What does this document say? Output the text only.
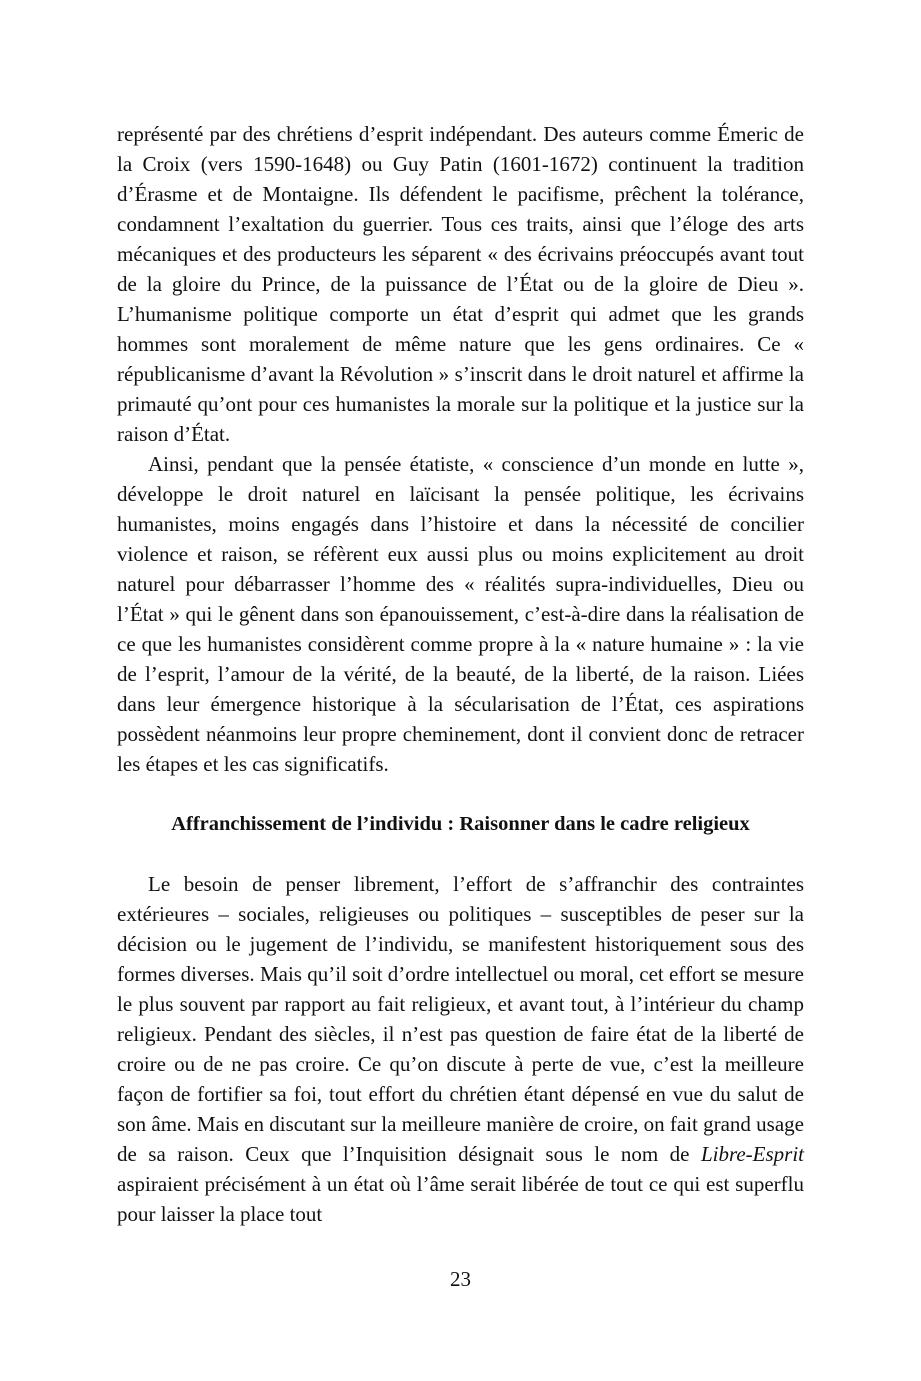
représenté par des chrétiens d’esprit indépendant. Des auteurs comme Émeric de la Croix (vers 1590-1648) ou Guy Patin (1601-1672) continuent la tradition d’Érasme et de Montaigne. Ils défendent le pacifisme, prêchent la tolérance, condamnent l’exaltation du guerrier. Tous ces traits, ainsi que l’éloge des arts mécaniques et des producteurs les séparent « des écrivains préoccupés avant tout de la gloire du Prince, de la puissance de l’État ou de la gloire de Dieu ». L’humanisme politique comporte un état d’esprit qui admet que les grands hommes sont moralement de même nature que les gens ordinaires. Ce « républicanisme d’avant la Révolution » s’inscrit dans le droit naturel et affirme la primauté qu’ont pour ces humanistes la morale sur la politique et la justice sur la raison d’État.

Ainsi, pendant que la pensée étatiste, « conscience d’un monde en lutte », développe le droit naturel en laïcisant la pensée politique, les écrivains humanistes, moins engagés dans l’histoire et dans la nécessité de concilier violence et raison, se réfèrent eux aussi plus ou moins explicitement au droit naturel pour débarrasser l’homme des « réalités supra-individuelles, Dieu ou l’État » qui le gênent dans son épanouissement, c’est-à-dire dans la réalisation de ce que les humanistes considèrent comme propre à la « nature humaine » : la vie de l’esprit, l’amour de la vérité, de la beauté, de la liberté, de la raison. Liées dans leur émergence historique à la sécularisation de l’État, ces aspirations possèdent néanmoins leur propre cheminement, dont il convient donc de retracer les étapes et les cas significatifs.

Affranchissement de l’individu : Raisonner dans le cadre religieux

Le besoin de penser librement, l’effort de s’affranchir des contraintes extérieures – sociales, religieuses ou politiques – susceptibles de peser sur la décision ou le jugement de l’individu, se manifestent historiquement sous des formes diverses. Mais qu’il soit d’ordre intellectuel ou moral, cet effort se mesure le plus souvent par rapport au fait religieux, et avant tout, à l’intérieur du champ religieux. Pendant des siècles, il n’est pas question de faire état de la liberté de croire ou de ne pas croire. Ce qu’on discute à perte de vue, c’est la meilleure façon de fortifier sa foi, tout effort du chrétien étant dépensé en vue du salut de son âme. Mais en discutant sur la meilleure manière de croire, on fait grand usage de sa raison. Ceux que l’Inquisition désignait sous le nom de Libre-Esprit aspiraient précisément à un état où l’âme serait libérée de tout ce qui est superflu pour laisser la place tout

23
